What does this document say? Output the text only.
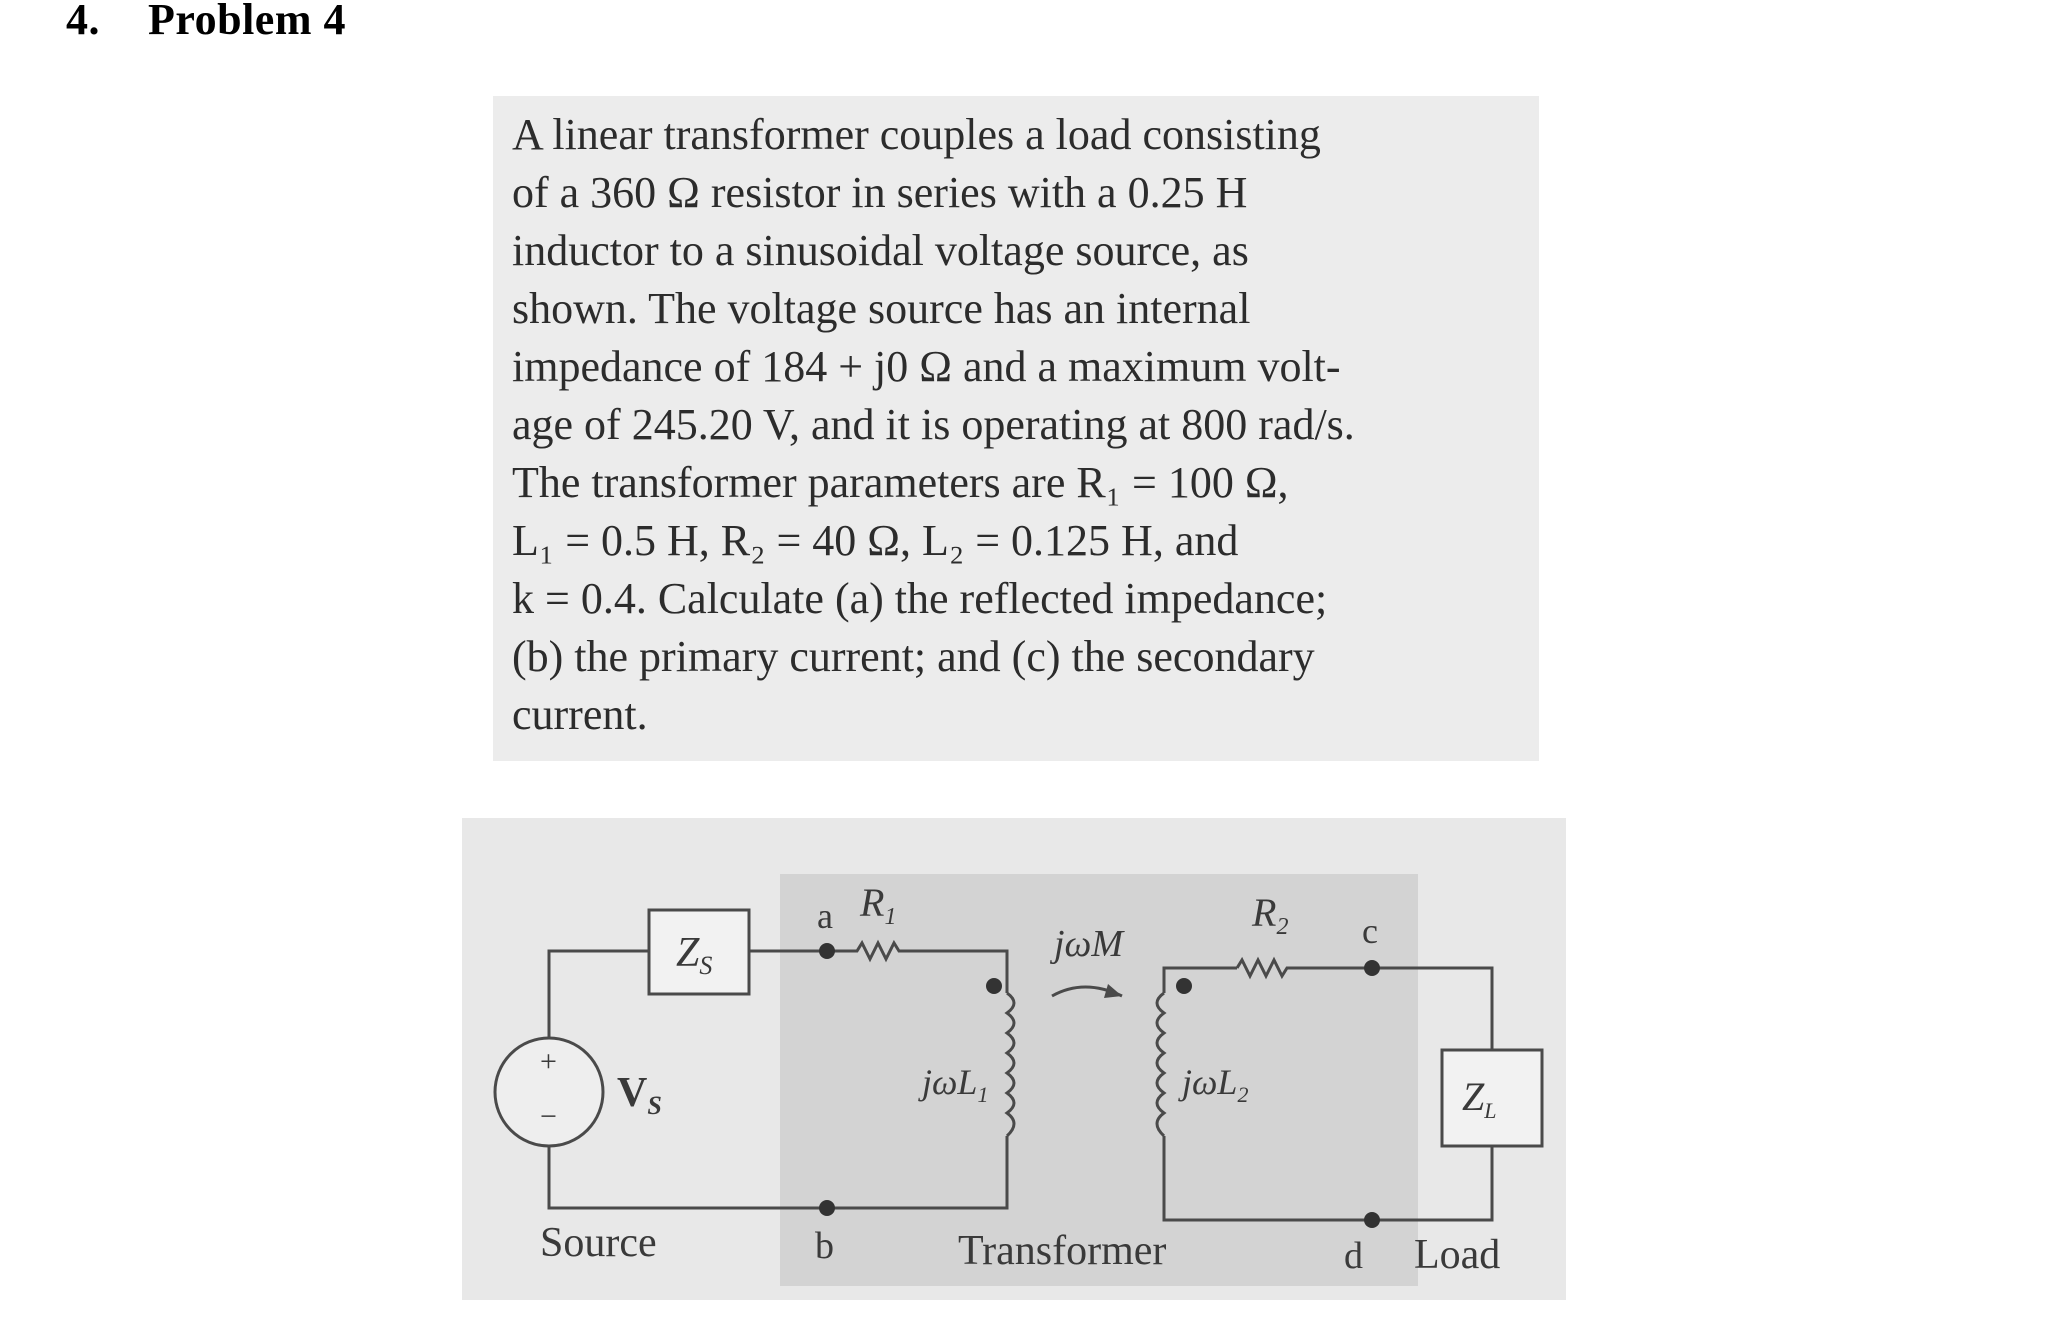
4. Problem 4
A linear transformer couples a load consisting
of a 360 Ω resistor in series with a 0.25 H
inductor to a sinusoidal voltage source, as
shown. The voltage source has an internal
impedance of 184 + j0 Ω and a maximum volt-
age of 245.20 V, and it is operating at 800 rad/s.
The transformer parameters are R₁ = 100 Ω,
L₁ = 0.5 H, R₂ = 40 Ω, L₂ = 0.125 H, and
k = 0.4. Calculate (a) the reflected impedance;
(b) the primary current; and (c) the secondary
current.
+
−
ZS
VS
a
b
c
d
$R_1$	$R_2$
jωM
jωL$_1$	jωL$_2$	$Z_L$
Source	Transformer	Load
